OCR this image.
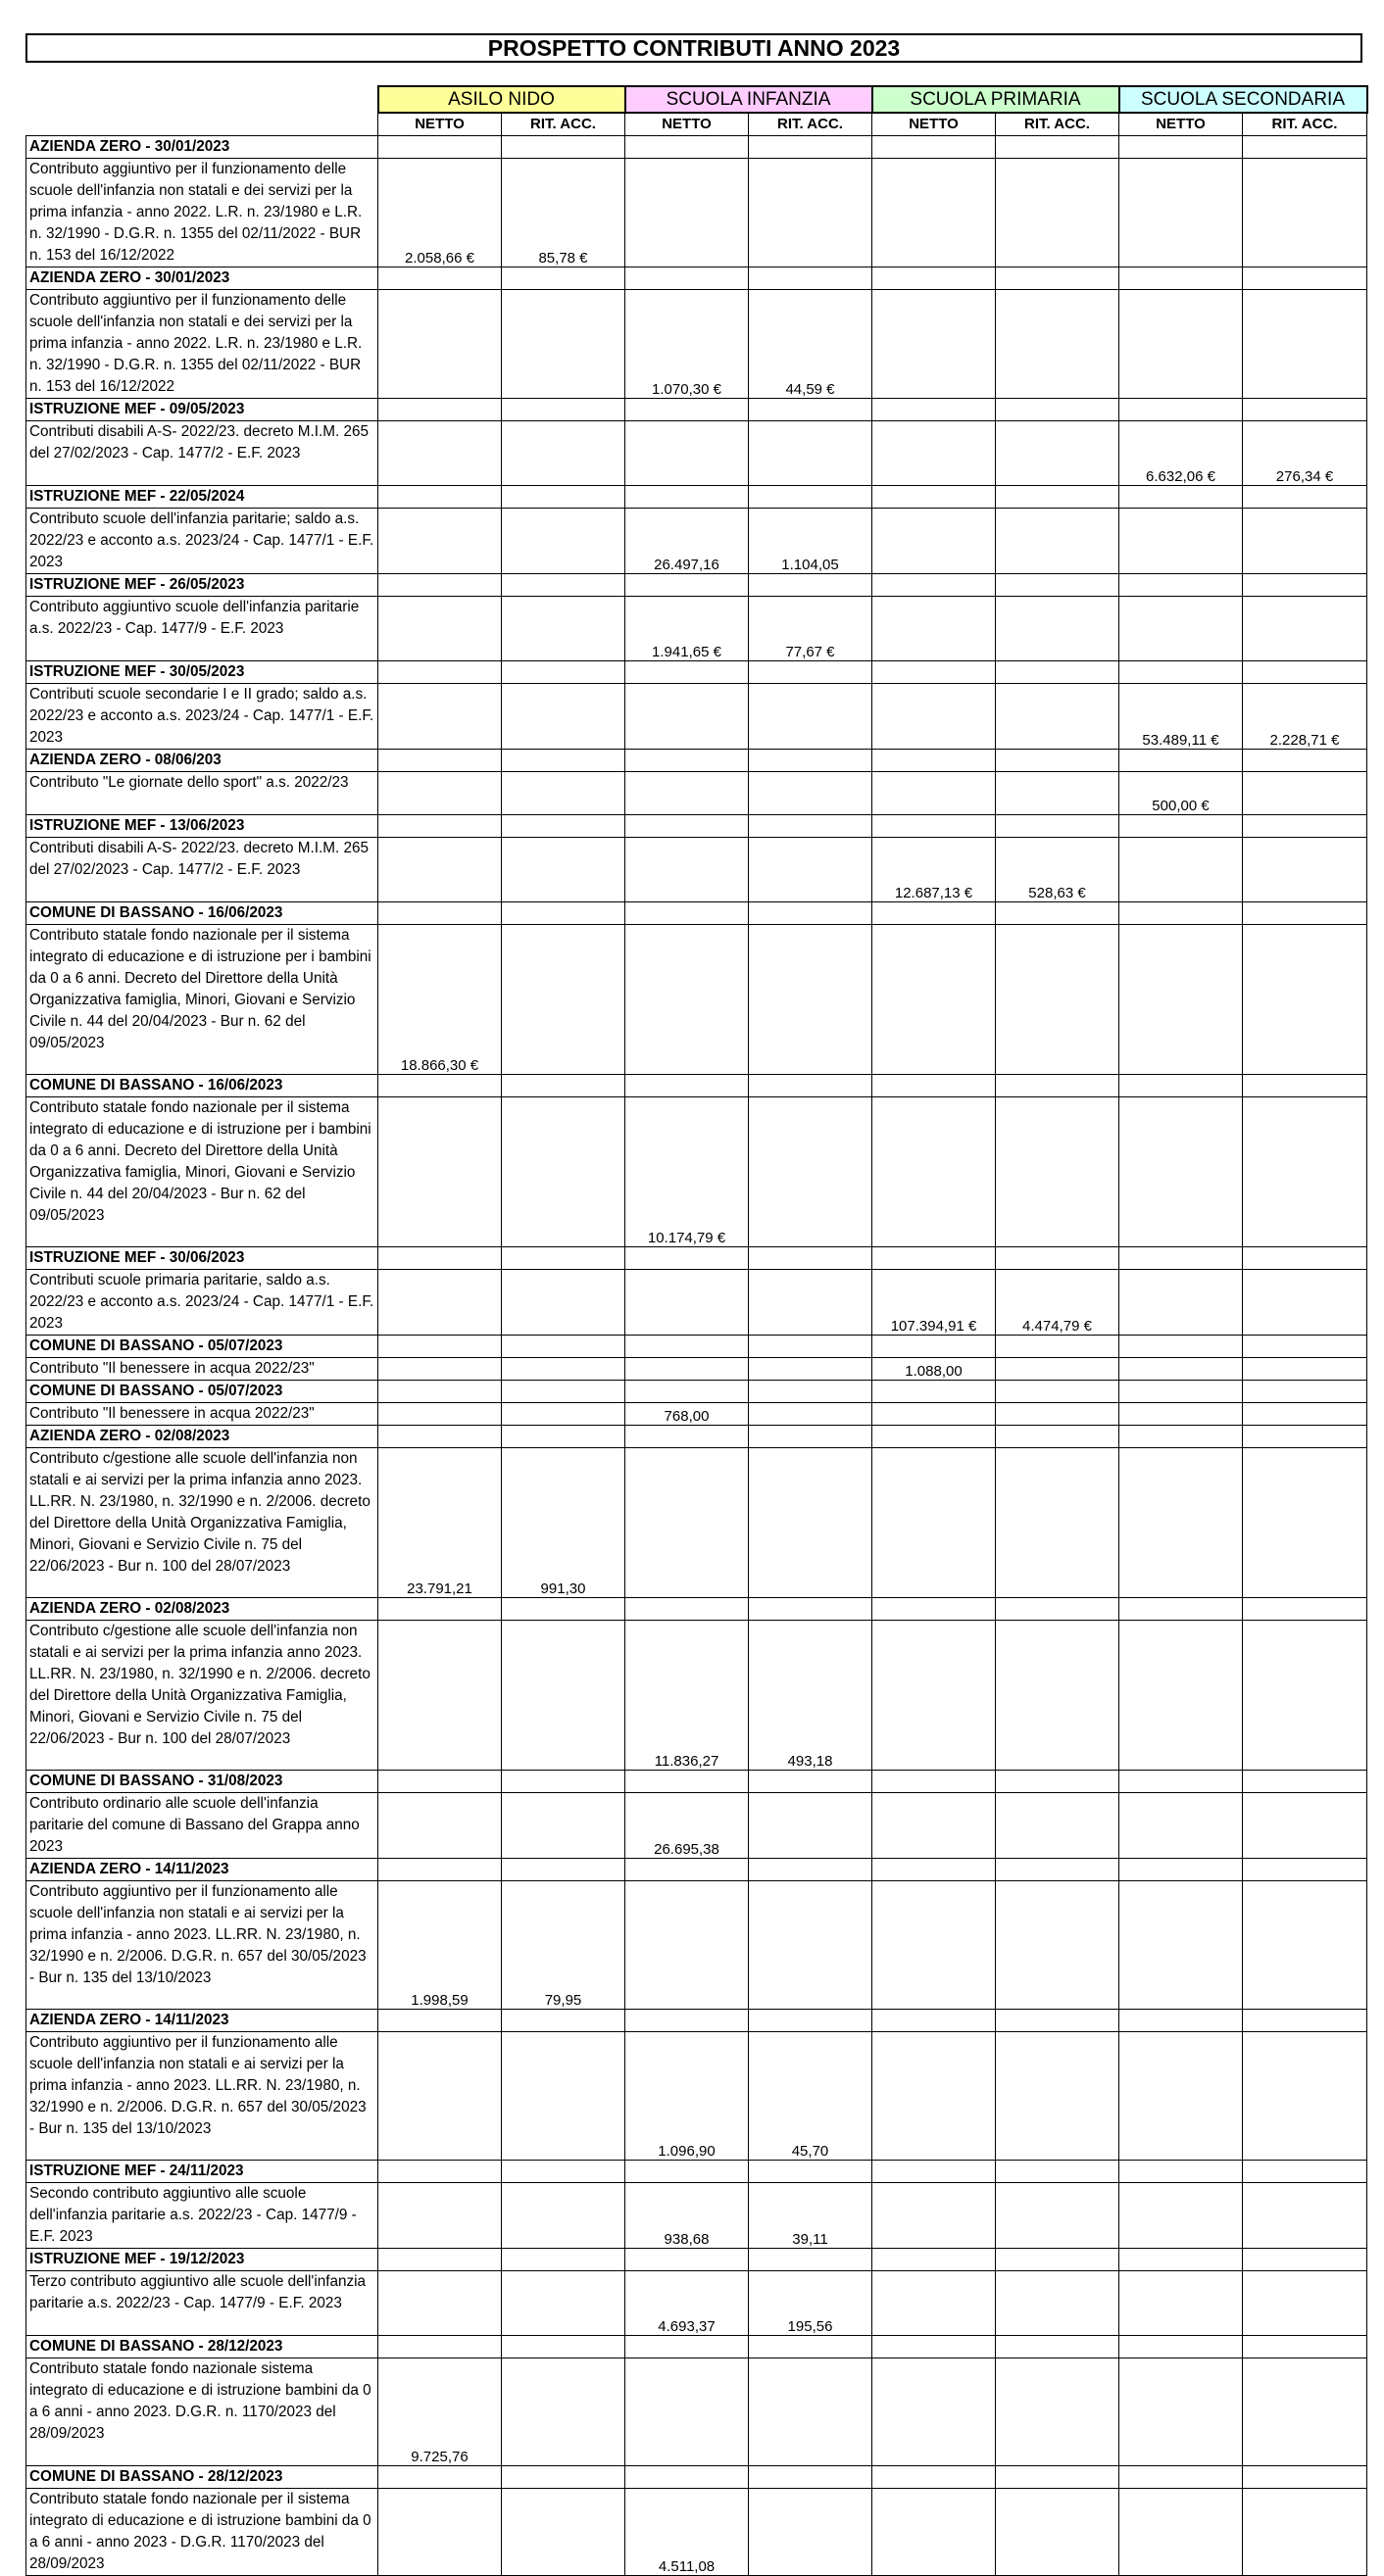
PROSPETTO CONTRIBUTI ANNO 2023
	ASILO NIDO		SCUOLA INFANZIA		SCUOLA PRIMARIA		SCUOLA SECONDARIA	
	NETTO	RIT. ACC.	NETTO	RIT. ACC.	NETTO	RIT. ACC.	NETTO	RIT. ACC.

AZIENDA ZERO - 30/01/2023								

Contributo aggiuntivo per il funzionamento delle scuole dell'infanzia non statali e dei servizi per la prima infanzia - anno 2022. L.R. n. 23/1980 e L.R. n. 32/1990 - D.G.R. n. 1355 del 02/11/2022 - BUR n. 153 del 16/12/2022	2.058,66 €	85,78 €						

AZIENDA ZERO - 30/01/2023								

Contributo aggiuntivo per il funzionamento delle scuole dell'infanzia non statali e dei servizi per la prima infanzia - anno 2022. L.R. n. 23/1980 e L.R. n. 32/1990 - D.G.R. n. 1355 del 02/11/2022 - BUR n. 153 del 16/12/2022			1.070,30 €	44,59 €				

ISTRUZIONE MEF - 09/05/2023								

Contributi disabili A-S- 2022/23. decreto M.I.M. 265 del 27/02/2023 - Cap. 1477/2 - E.F. 2023							6.632,06 €	276,34 €

ISTRUZIONE MEF - 22/05/2024								

Contributo scuole dell'infanzia paritarie; saldo a.s. 2022/23 e acconto a.s. 2023/24 - Cap. 1477/1 - E.F. 2023			26.497,16	1.104,05				

ISTRUZIONE MEF - 26/05/2023								

Contributo aggiuntivo scuole dell'infanzia paritarie a.s. 2022/23 - Cap. 1477/9 - E.F. 2023			1.941,65 €	77,67 €				

ISTRUZIONE MEF - 30/05/2023								

Contributi scuole secondarie I e II grado; saldo a.s. 2022/23 e acconto a.s. 2023/24 - Cap. 1477/1 - E.F. 2023							53.489,11 €	2.228,71 €

AZIENDA ZERO - 08/06/203								

Contributo "Le giornate dello sport" a.s. 2022/23							500,00 €	

ISTRUZIONE MEF - 13/06/2023								

Contributi disabili A-S- 2022/23. decreto M.I.M. 265 del 27/02/2023 - Cap. 1477/2 - E.F. 2023					12.687,13 €	528,63 €		

COMUNE DI BASSANO - 16/06/2023								

Contributo statale fondo nazionale per il sistema integrato di educazione e di istruzione per i bambini da 0 a 6 anni. Decreto del Direttore della Unità Organizzativa famiglia, Minori, Giovani e Servizio Civile n. 44 del 20/04/2023 - Bur n. 62 del 09/05/2023	18.866,30 €							

COMUNE DI BASSANO - 16/06/2023								

Contributo statale fondo nazionale per il sistema integrato di educazione e di istruzione per i bambini da 0 a 6 anni. Decreto del Direttore della Unità Organizzativa famiglia, Minori, Giovani e Servizio Civile n. 44 del 20/04/2023 - Bur n. 62 del 09/05/2023			10.174,79 €					

ISTRUZIONE MEF - 30/06/2023								

Contributi scuole primaria paritarie, saldo a.s. 2022/23 e acconto a.s. 2023/24 - Cap. 1477/1 - E.F. 2023					107.394,91 €	4.474,79 €		

COMUNE DI BASSANO - 05/07/2023								

Contributo "Il benessere in acqua 2022/23"					1.088,00			

COMUNE DI BASSANO - 05/07/2023								

Contributo "Il benessere in acqua 2022/23"			768,00					

AZIENDA ZERO - 02/08/2023								

Contributo c/gestione alle scuole dell'infanzia non statali e ai servizi per la prima infanzia anno 2023. LL.RR. N. 23/1980, n. 32/1990 e n. 2/2006. decreto del Direttore della Unità Organizzativa Famiglia, Minori, Giovani e Servizio Civile n. 75 del 22/06/2023 - Bur n. 100 del 28/07/2023	23.791,21	991,30						

AZIENDA ZERO - 02/08/2023								

Contributo c/gestione alle scuole dell'infanzia non statali e ai servizi per la prima infanzia anno 2023. LL.RR. N. 23/1980, n. 32/1990 e n. 2/2006. decreto del Direttore della Unità Organizzativa Famiglia, Minori, Giovani e Servizio Civile n. 75 del 22/06/2023 - Bur n. 100 del 28/07/2023			11.836,27	493,18				

COMUNE DI BASSANO - 31/08/2023								

Contributo ordinario alle scuole dell'infanzia paritarie del comune di Bassano del Grappa anno 2023			26.695,38					

AZIENDA ZERO - 14/11/2023								

Contributo aggiuntivo per il funzionamento alle scuole dell'infanzia non statali e ai servizi per la prima infanzia - anno 2023. LL.RR. N. 23/1980, n. 32/1990 e n. 2/2006. D.G.R. n. 657 del 30/05/2023 - Bur n. 135 del 13/10/2023	1.998,59	79,95						

AZIENDA ZERO - 14/11/2023								

Contributo aggiuntivo per il funzionamento alle scuole dell'infanzia non statali e ai servizi per la prima infanzia - anno 2023. LL.RR. N. 23/1980, n. 32/1990 e n. 2/2006. D.G.R. n. 657 del 30/05/2023 - Bur n. 135 del 13/10/2023			1.096,90	45,70				

ISTRUZIONE MEF - 24/11/2023								

Secondo contributo aggiuntivo alle scuole dell'infanzia paritarie a.s. 2022/23 - Cap. 1477/9 - E.F. 2023			938,68	39,11				

ISTRUZIONE MEF - 19/12/2023								

Terzo contributo aggiuntivo alle scuole dell'infanzia paritarie a.s. 2022/23 - Cap. 1477/9 - E.F. 2023			4.693,37	195,56				

COMUNE DI BASSANO - 28/12/2023								

Contributo statale fondo nazionale sistema integrato di educazione e di istruzione bambini da 0 a 6 anni - anno 2023. D.G.R. n. 1170/2023 del 28/09/2023	9.725,76							

COMUNE DI BASSANO - 28/12/2023								

Contributo statale fondo nazionale per il sistema integrato di educazione e di istruzione bambini da 0 a 6 anni - anno 2023 - D.G.R. 1170/2023 del 28/09/2023			4.511,08					
